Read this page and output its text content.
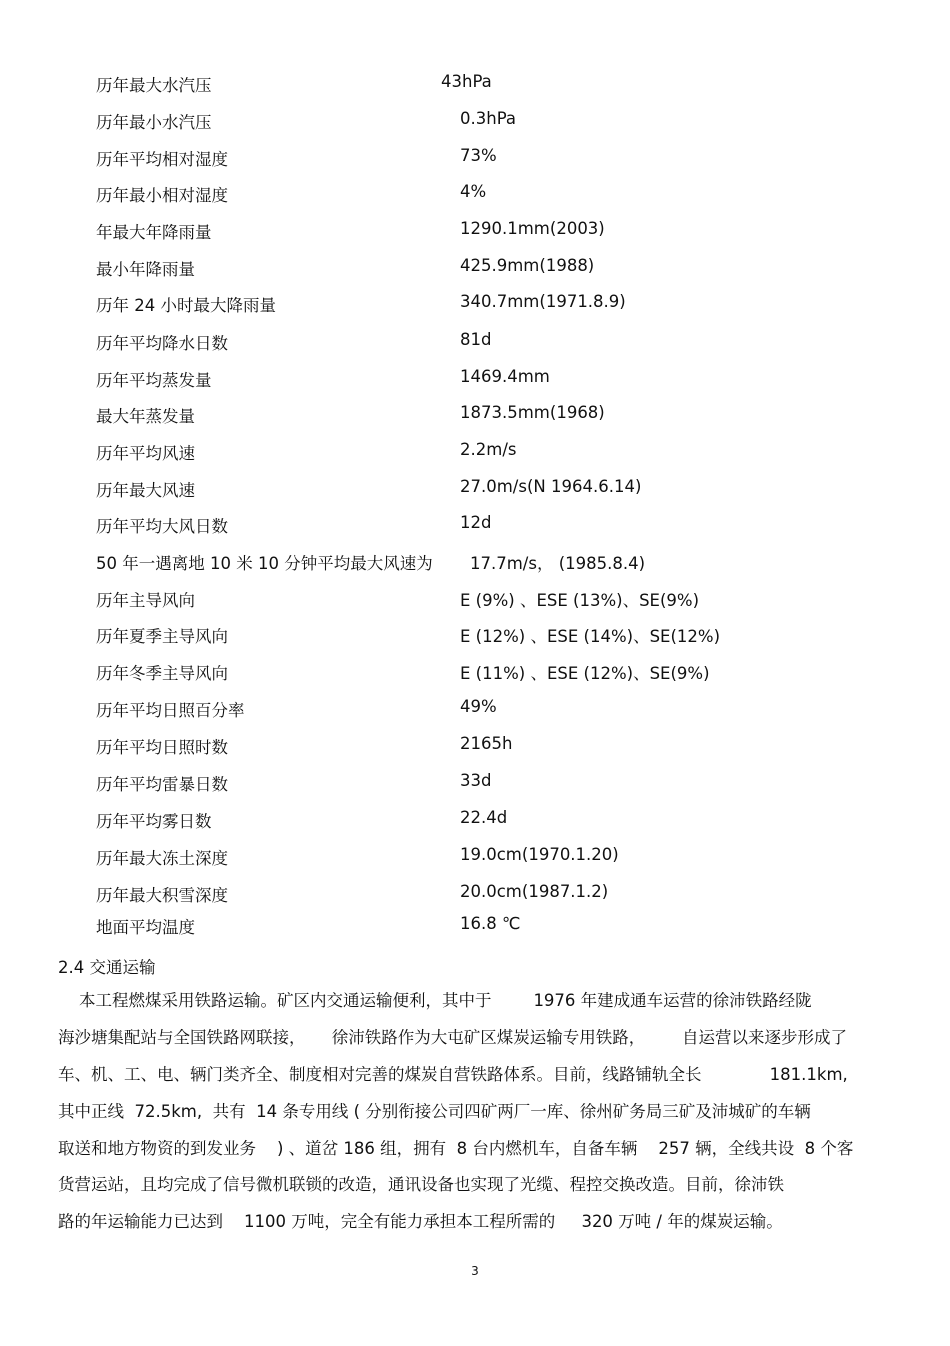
历年最大水汽压	43hPa
历年最小水汽压	0.3hPa
历年平均相对湿度	73%
历年最小相对湿度	4%
年最大年降雨量	1290.1mm(2003)
最小年降雨量	425.9mm(1988)
历年 24 小时最大降雨量	340.7mm(1971.8.9)
历年平均降水日数	81d
历年平均蒸发量	1469.4mm
最大年蒸发量	1873.5mm(1968)
历年平均风速	2.2m/s
历年最大风速	27.0m/s(N 1964.6.14)
历年平均大风日数	12d
50 年一遇离地 10 米 10 分钟平均最大风速为 17.7m/s， (1985.8.4)
历年主导风向	E (9%) 、ESE (13%)、SE(9%)
历年夏季主导风向	E (12%) 、ESE (14%)、SE(12%)
历年冬季主导风向	E (11%) 、ESE (12%)、SE(9%)
历年平均日照百分率	49%
历年平均日照时数	2165h
历年平均雷暴日数	33d
历年平均雾日数	22.4d
历年最大冻土深度	19.0cm(1970.1.20)
历年最大积雪深度	20.0cm(1987.1.2)
地面平均温度	16.8 ℃
2.4 交通运输
本工程燃煤采用铁路运输。矿区内交通运输便利，其中于        1976 年建成通车运营的徐沛铁路经陇
海沙塘集配站与全国铁路网联接，     徐沛铁路作为大屯矿区煤炭运输专用铁路，       自运营以来逐步形成了
车、机、工、电、辆门类齐全、制度相对完善的煤炭自营铁路体系。目前，线路铺轨全长             181.1km,
其中正线  72.5km,  共有  14 条专用线 ( 分别衔接公司四矿两厂一库、徐州矿务局三矿及沛城矿的车辆
取送和地方物资的到发业务    ) 、道岔 186 组，拥有  8 台内燃机车，自备车辆    257 辆，全线共设  8 个客
货营运站，且均完成了信号微机联锁的改造，通讯设备也实现了光缆、程控交换改造。目前，徐沛铁
路的年运输能力已达到    1100 万吨，完全有能力承担本工程所需的     320 万吨 / 年的煤炭运输。
3
